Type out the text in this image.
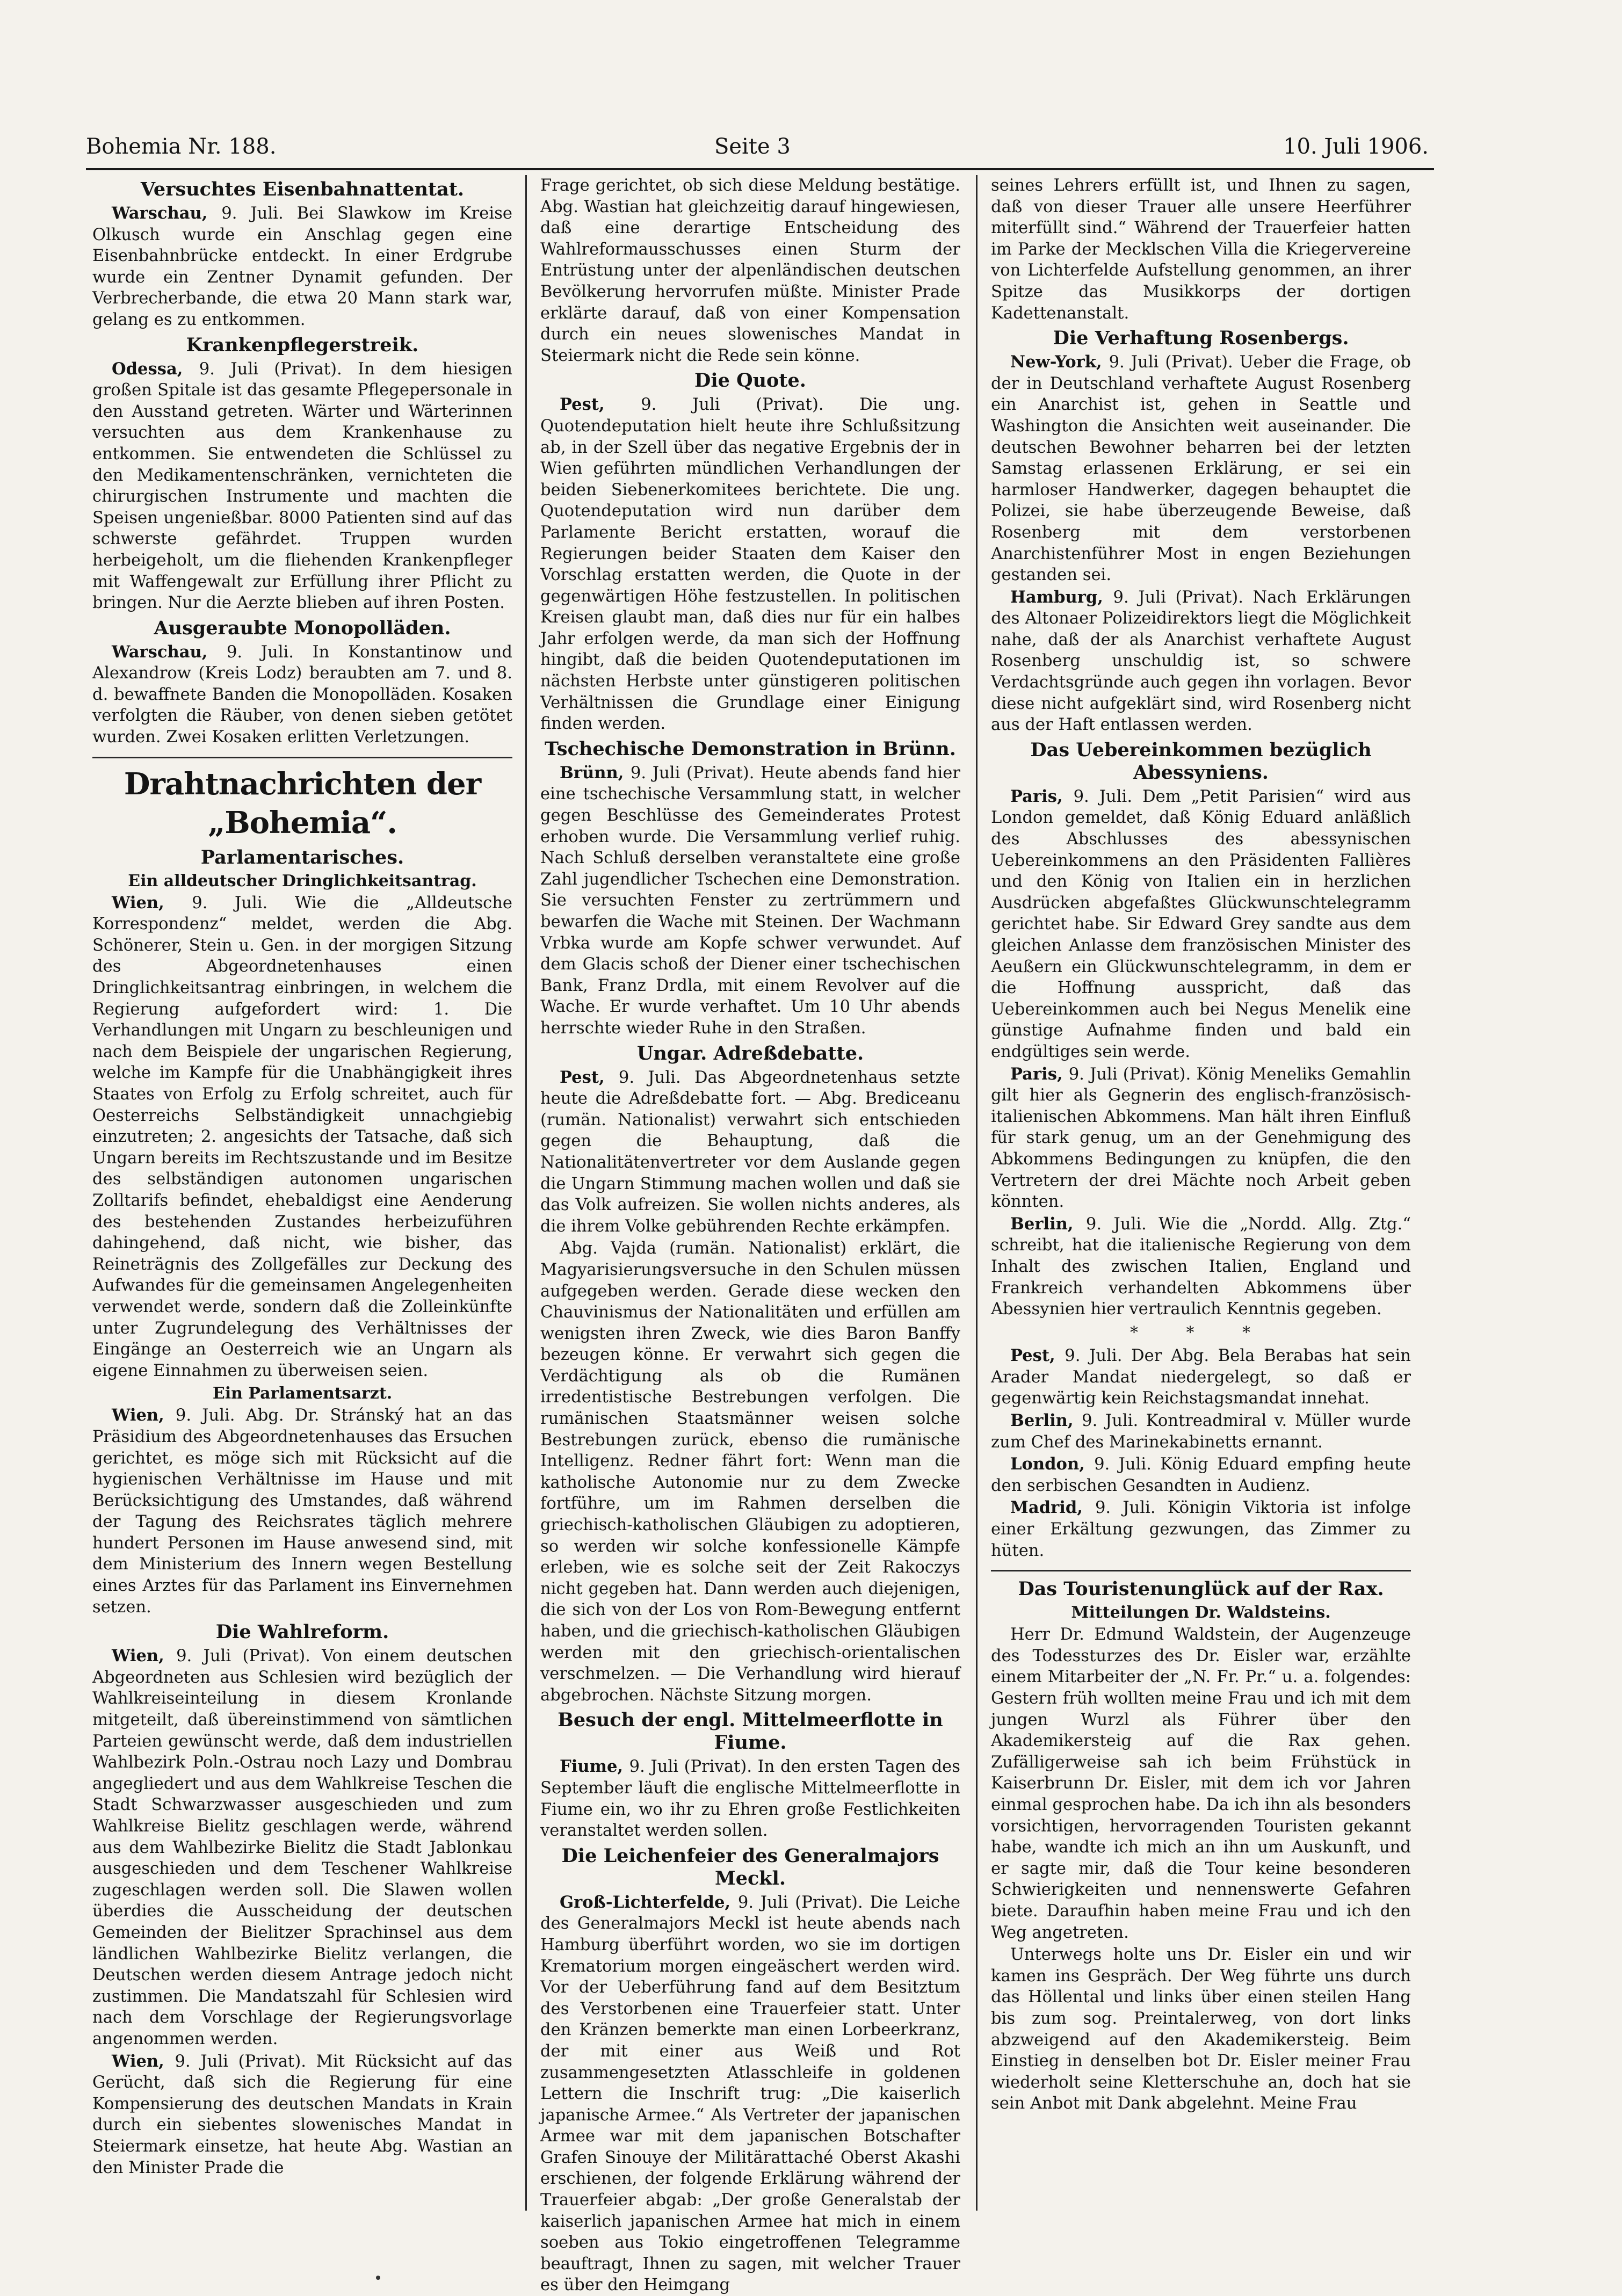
Bohemia Nr. 188.	Seite 3	10. Juli 1906.
Versuchtes Eisenbahnattentat.

Warschau, 9. Juli. Bei Slawkow im Kreise Olkusch wurde ein Anschlag gegen eine Eisenbahnbrücke entdeckt. In einer Erdgrube wurde ein Zentner Dynamit gefunden. Der Verbrecherbande, die etwa 20 Mann stark war, gelang es zu entkommen.

Krankenpflegerstreik.

Odessa, 9. Juli (Privat). In dem hiesigen großen Spitale ist das gesamte Pflegepersonale in den Ausstand getreten. Wärter und Wärterinnen versuchten aus dem Krankenhause zu entkommen. Sie entwendeten die Schlüssel zu den Medikamentenschränken, vernichteten die chirurgischen Instrumente und machten die Speisen ungenießbar. 8000 Patienten sind auf das schwerste gefährdet. Truppen wurden herbeigeholt, um die fliehenden Krankenpfleger mit Waffengewalt zur Erfüllung ihrer Pflicht zu bringen. Nur die Aerzte blieben auf ihren Posten.

Ausgeraubte Monopolläden.

Warschau, 9. Juli. In Konstantinow und Alexandrow (Kreis Lodz) beraubten am 7. und 8. d. bewaffnete Banden die Monopolläden. Kosaken verfolgten die Räuber, von denen sieben getötet wurden. Zwei Kosaken erlitten Verletzungen.

Drahtnachrichten der „Bohemia“.
Parlamentarisches.
Ein alldeutscher Dringlichkeitsantrag.

Wien, 9. Juli. Wie die „Alldeutsche Korrespondenz“ meldet, werden die Abg. Schönerer, Stein u. Gen. in der morgigen Sitzung des Abgeordnetenhauses einen Dringlichkeitsantrag einbringen, in welchem die Regierung aufgefordert wird: 1. Die Verhandlungen mit Ungarn zu beschleunigen und nach dem Beispiele der ungarischen Regierung, welche im Kampfe für die Unabhängigkeit ihres Staates von Erfolg zu Erfolg schreitet, auch für Oesterreichs Selbständigkeit unnachgiebig einzutreten; 2. angesichts der Tatsache, daß sich Ungarn bereits im Rechtszustande und im Besitze des selbständigen autonomen ungarischen Zolltarifs befindet, ehebaldigst eine Aenderung des bestehenden Zustandes herbeizuführen dahingehend, daß nicht, wie bisher, das Reineträgnis des Zollgefälles zur Deckung des Aufwandes für die gemeinsamen Angelegenheiten verwendet werde, sondern daß die Zolleinkünfte unter Zugrundelegung des Verhältnisses der Eingänge an Oesterreich wie an Ungarn als eigene Einnahmen zu überweisen seien.

Ein Parlamentsarzt.

Wien, 9. Juli. Abg. Dr. Stránský hat an das Präsidium des Abgeordnetenhauses das Ersuchen gerichtet, es möge sich mit Rücksicht auf die hygienischen Verhältnisse im Hause und mit Berücksichtigung des Umstandes, daß während der Tagung des Reichsrates täglich mehrere hundert Personen im Hause anwesend sind, mit dem Ministerium des Innern wegen Bestellung eines Arztes für das Parlament ins Einvernehmen setzen.

Die Wahlreform.

Wien, 9. Juli (Privat). Von einem deutschen Abgeordneten aus Schlesien wird bezüglich der Wahlkreiseinteilung in diesem Kronlande mitgeteilt, daß übereinstimmend von sämtlichen Parteien gewünscht werde, daß dem industriellen Wahlbezirk Poln.-Ostrau noch Lazy und Dombrau angegliedert und aus dem Wahlkreise Teschen die Stadt Schwarzwasser ausgeschieden und zum Wahlkreise Bielitz geschlagen werde, während aus dem Wahlbezirke Bielitz die Stadt Jablonkau ausgeschieden und dem Teschener Wahlkreise zugeschlagen werden soll. Die Slawen wollen überdies die Ausscheidung der deutschen Gemeinden der Bielitzer Sprachinsel aus dem ländlichen Wahlbezirke Bielitz verlangen, die Deutschen werden diesem Antrage jedoch nicht zustimmen. Die Mandatszahl für Schlesien wird nach dem Vorschlage der Regierungsvorlage angenommen werden.

Wien, 9. Juli (Privat). Mit Rücksicht auf das Gerücht, daß sich die Regierung für eine Kompensierung des deutschen Mandats in Krain durch ein siebentes slowenisches Mandat in Steiermark einsetze, hat heute Abg. Wastian an den Minister Prade die

Frage gerichtet, ob sich diese Meldung bestätige. Abg. Wastian hat gleichzeitig darauf hingewiesen, daß eine derartige Entscheidung des Wahlreformausschusses einen Sturm der Entrüstung unter der alpenländischen deutschen Bevölkerung hervorrufen müßte. Minister Prade erklärte darauf, daß von einer Kompensation durch ein neues slowenisches Mandat in Steiermark nicht die Rede sein könne.

Die Quote.

Pest, 9. Juli (Privat). Die ung. Quotendeputation hielt heute ihre Schlußsitzung ab, in der Szell über das negative Ergebnis der in Wien geführten mündlichen Verhandlungen der beiden Siebenerkomitees berichtete. Die ung. Quotendeputation wird nun darüber dem Parlamente Bericht erstatten, worauf die Regierungen beider Staaten dem Kaiser den Vorschlag erstatten werden, die Quote in der gegenwärtigen Höhe festzustellen. In politischen Kreisen glaubt man, daß dies nur für ein halbes Jahr erfolgen werde, da man sich der Hoffnung hingibt, daß die beiden Quotendeputationen im nächsten Herbste unter günstigeren politischen Verhältnissen die Grundlage einer Einigung finden werden.

Tschechische Demonstration in Brünn.

Brünn, 9. Juli (Privat). Heute abends fand hier eine tschechische Versammlung statt, in welcher gegen Beschlüsse des Gemeinderates Protest erhoben wurde. Die Versammlung verlief ruhig. Nach Schluß derselben veranstaltete eine große Zahl jugendlicher Tschechen eine Demonstration. Sie versuchten Fenster zu zertrümmern und bewarfen die Wache mit Steinen. Der Wachmann Vrbka wurde am Kopfe schwer verwundet. Auf dem Glacis schoß der Diener einer tschechischen Bank, Franz Drdla, mit einem Revolver auf die Wache. Er wurde verhaftet. Um 10 Uhr abends herrschte wieder Ruhe in den Straßen.

Ungar. Adreßdebatte.

Pest, 9. Juli. Das Abgeordnetenhaus setzte heute die Adreßdebatte fort. — Abg. Brediceanu (rumän. Nationalist) verwahrt sich entschieden gegen die Behauptung, daß die Nationalitätenvertreter vor dem Auslande gegen die Ungarn Stimmung machen wollen und daß sie das Volk aufreizen. Sie wollen nichts anderes, als die ihrem Volke gebührenden Rechte erkämpfen.

Abg. Vajda (rumän. Nationalist) erklärt, die Magyarisierungsversuche in den Schulen müssen aufgegeben werden. Gerade diese wecken den Chauvinismus der Nationalitäten und erfüllen am wenigsten ihren Zweck, wie dies Baron Banffy bezeugen könne. Er verwahrt sich gegen die Verdächtigung als ob die Rumänen irredentistische Bestrebungen verfolgen. Die rumänischen Staatsmänner weisen solche Bestrebungen zurück, ebenso die rumänische Intelligenz. Redner fährt fort: Wenn man die katholische Autonomie nur zu dem Zwecke fortführe, um im Rahmen derselben die griechisch-katholischen Gläubigen zu adoptieren, so werden wir solche konfessionelle Kämpfe erleben, wie es solche seit der Zeit Rakoczys nicht gegeben hat. Dann werden auch diejenigen, die sich von der Los von Rom-Bewegung entfernt haben, und die griechisch-katholischen Gläubigen werden mit den griechisch-orientalischen verschmelzen. — Die Verhandlung wird hierauf abgebrochen. Nächste Sitzung morgen.

Besuch der engl. Mittelmeerflotte in Fiume.

Fiume, 9. Juli (Privat). In den ersten Tagen des September läuft die englische Mittelmeerflotte in Fiume ein, wo ihr zu Ehren große Festlichkeiten veranstaltet werden sollen.

Die Leichenfeier des Generalmajors Meckl.

Groß-Lichterfelde, 9. Juli (Privat). Die Leiche des Generalmajors Meckl ist heute abends nach Hamburg überführt worden, wo sie im dortigen Krematorium morgen eingeäschert werden wird. Vor der Ueberführung fand auf dem Besitztum des Verstorbenen eine Trauerfeier statt. Unter den Kränzen bemerkte man einen Lorbeerkranz, der mit einer aus Weiß und Rot zusammengesetzten Atlasschleife in goldenen Lettern die Inschrift trug: „Die kaiserlich japanische Armee.“ Als Vertreter der japanischen Armee war mit dem japanischen Botschafter Grafen Sinouye der Militärattaché Oberst Akashi erschienen, der folgende Erklärung während der Trauerfeier abgab: „Der große Generalstab der kaiserlich japanischen Armee hat mich in einem soeben aus Tokio eingetroffenen Telegramme beauftragt, Ihnen zu sagen, mit welcher Trauer es über den Heimgang

seines Lehrers erfüllt ist, und Ihnen zu sagen, daß von dieser Trauer alle unsere Heerführer miterfüllt sind.“ Während der Trauerfeier hatten im Parke der Mecklschen Villa die Kriegervereine von Lichterfelde Aufstellung genommen, an ihrer Spitze das Musikkorps der dortigen Kadettenanstalt.

Die Verhaftung Rosenbergs.

New-York, 9. Juli (Privat). Ueber die Frage, ob der in Deutschland verhaftete August Rosenberg ein Anarchist ist, gehen in Seattle und Washington die Ansichten weit auseinander. Die deutschen Bewohner beharren bei der letzten Samstag erlassenen Erklärung, er sei ein harmloser Handwerker, dagegen behauptet die Polizei, sie habe überzeugende Beweise, daß Rosenberg mit dem verstorbenen Anarchistenführer Most in engen Beziehungen gestanden sei.

Hamburg, 9. Juli (Privat). Nach Erklärungen des Altonaer Polizeidirektors liegt die Möglichkeit nahe, daß der als Anarchist verhaftete August Rosenberg unschuldig ist, so schwere Verdachtsgründe auch gegen ihn vorlagen. Bevor diese nicht aufgeklärt sind, wird Rosenberg nicht aus der Haft entlassen werden.

Das Uebereinkommen bezüglich Abessyniens.

Paris, 9. Juli. Dem „Petit Parisien“ wird aus London gemeldet, daß König Eduard anläßlich des Abschlusses des abessynischen Uebereinkommens an den Präsidenten Fallières und den König von Italien ein in herzlichen Ausdrücken abgefaßtes Glückwunschtelegramm gerichtet habe. Sir Edward Grey sandte aus dem gleichen Anlasse dem französischen Minister des Aeußern ein Glückwunschtelegramm, in dem er die Hoffnung ausspricht, daß das Uebereinkommen auch bei Negus Menelik eine günstige Aufnahme finden und bald ein endgültiges sein werde.

Paris, 9. Juli (Privat). König Meneliks Gemahlin gilt hier als Gegnerin des englisch-französisch-italienischen Abkommens. Man hält ihren Einfluß für stark genug, um an der Genehmigung des Abkommens Bedingungen zu knüpfen, die den Vertretern der drei Mächte noch Arbeit geben könnten.

Berlin, 9. Juli. Wie die „Nordd. Allg. Ztg.“ schreibt, hat die italienische Regierung von dem Inhalt des zwischen Italien, England und Frankreich verhandelten Abkommens über Abessynien hier vertraulich Kenntnis gegeben.

* * *

Pest, 9. Juli. Der Abg. Bela Berabas hat sein Arader Mandat niedergelegt, so daß er gegenwärtig kein Reichstagsmandat innehat.

Berlin, 9. Juli. Kontreadmiral v. Müller wurde zum Chef des Marinekabinetts ernannt.

London, 9. Juli. König Eduard empfing heute den serbischen Gesandten in Audienz.

Madrid, 9. Juli. Königin Viktoria ist infolge einer Erkältung gezwungen, das Zimmer zu hüten.

Das Touristenunglück auf der Rax.
Mitteilungen Dr. Waldsteins.

Herr Dr. Edmund Waldstein, der Augenzeuge des Todessturzes des Dr. Eisler war, erzählte einem Mitarbeiter der „N. Fr. Pr.“ u. a. folgendes: Gestern früh wollten meine Frau und ich mit dem jungen Wurzl als Führer über den Akademikersteig auf die Rax gehen. Zufälligerweise sah ich beim Frühstück in Kaiserbrunn Dr. Eisler, mit dem ich vor Jahren einmal gesprochen habe. Da ich ihn als besonders vorsichtigen, hervorragenden Touristen gekannt habe, wandte ich mich an ihn um Auskunft, und er sagte mir, daß die Tour keine besonderen Schwierigkeiten und nennenswerte Gefahren biete. Daraufhin haben meine Frau und ich den Weg angetreten.

Unterwegs holte uns Dr. Eisler ein und wir kamen ins Gespräch. Der Weg führte uns durch das Höllental und links über einen steilen Hang bis zum sog. Preintalerweg, von dort links abzweigend auf den Akademikersteig. Beim Einstieg in denselben bot Dr. Eisler meiner Frau wiederholt seine Kletterschuhe an, doch hat sie sein Anbot mit Dank abgelehnt. Meine Frau
